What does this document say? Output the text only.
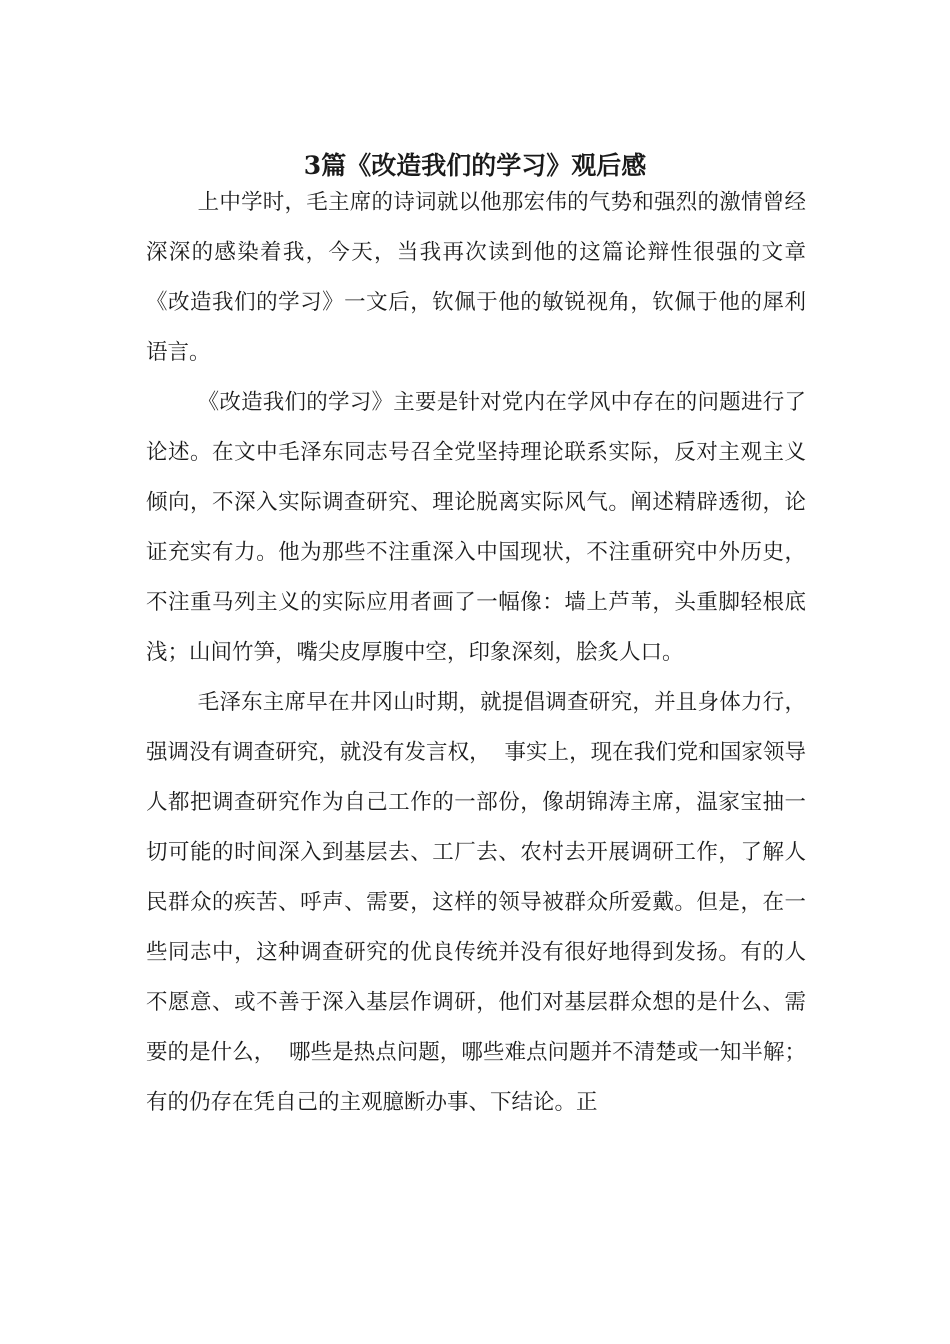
3篇《改造我们的学习》观后感

上中学时，毛主席的诗词就以他那宏伟的气势和强烈的激情曾经深深的感染着我，今天，当我再次读到他的这篇论辩性很强的文章《改造我们的学习》一文后，钦佩于他的敏锐视角，钦佩于他的犀利语言。

《改造我们的学习》主要是针对党内在学风中存在的问题进行了论述。在文中毛泽东同志号召全党坚持理论联系实际，反对主观主义倾向，不深入实际调查研究、理论脱离实际风气。阐述精辟透彻，论证充实有力。他为那些不注重深入中国现状，不注重研究中外历史，不注重马列主义的实际应用者画了一幅像：墙上芦苇，头重脚轻根底浅；山间竹笋，嘴尖皮厚腹中空，印象深刻，脍炙人口。

毛泽东主席早在井冈山时期，就提倡调查研究，并且身体力行，强调没有调查研究，就没有发言权，  事实上，现在我们党和国家领导人都把调查研究作为自己工作的一部份，像胡锦涛主席，温家宝抽一切可能的时间深入到基层去、工厂去、农村去开展调研工作，了解人民群众的疾苦、呼声、需要，这样的领导被群众所爱戴。但是，在一些同志中，这种调查研究的优良传统并没有很好地得到发扬。有的人不愿意、或不善于深入基层作调研，他们对基层群众想的是什么、需要的是什么，  哪些是热点问题，哪些难点问题并不清楚或一知半解；有的仍存在凭自己的主观臆断办事、下结论。正
